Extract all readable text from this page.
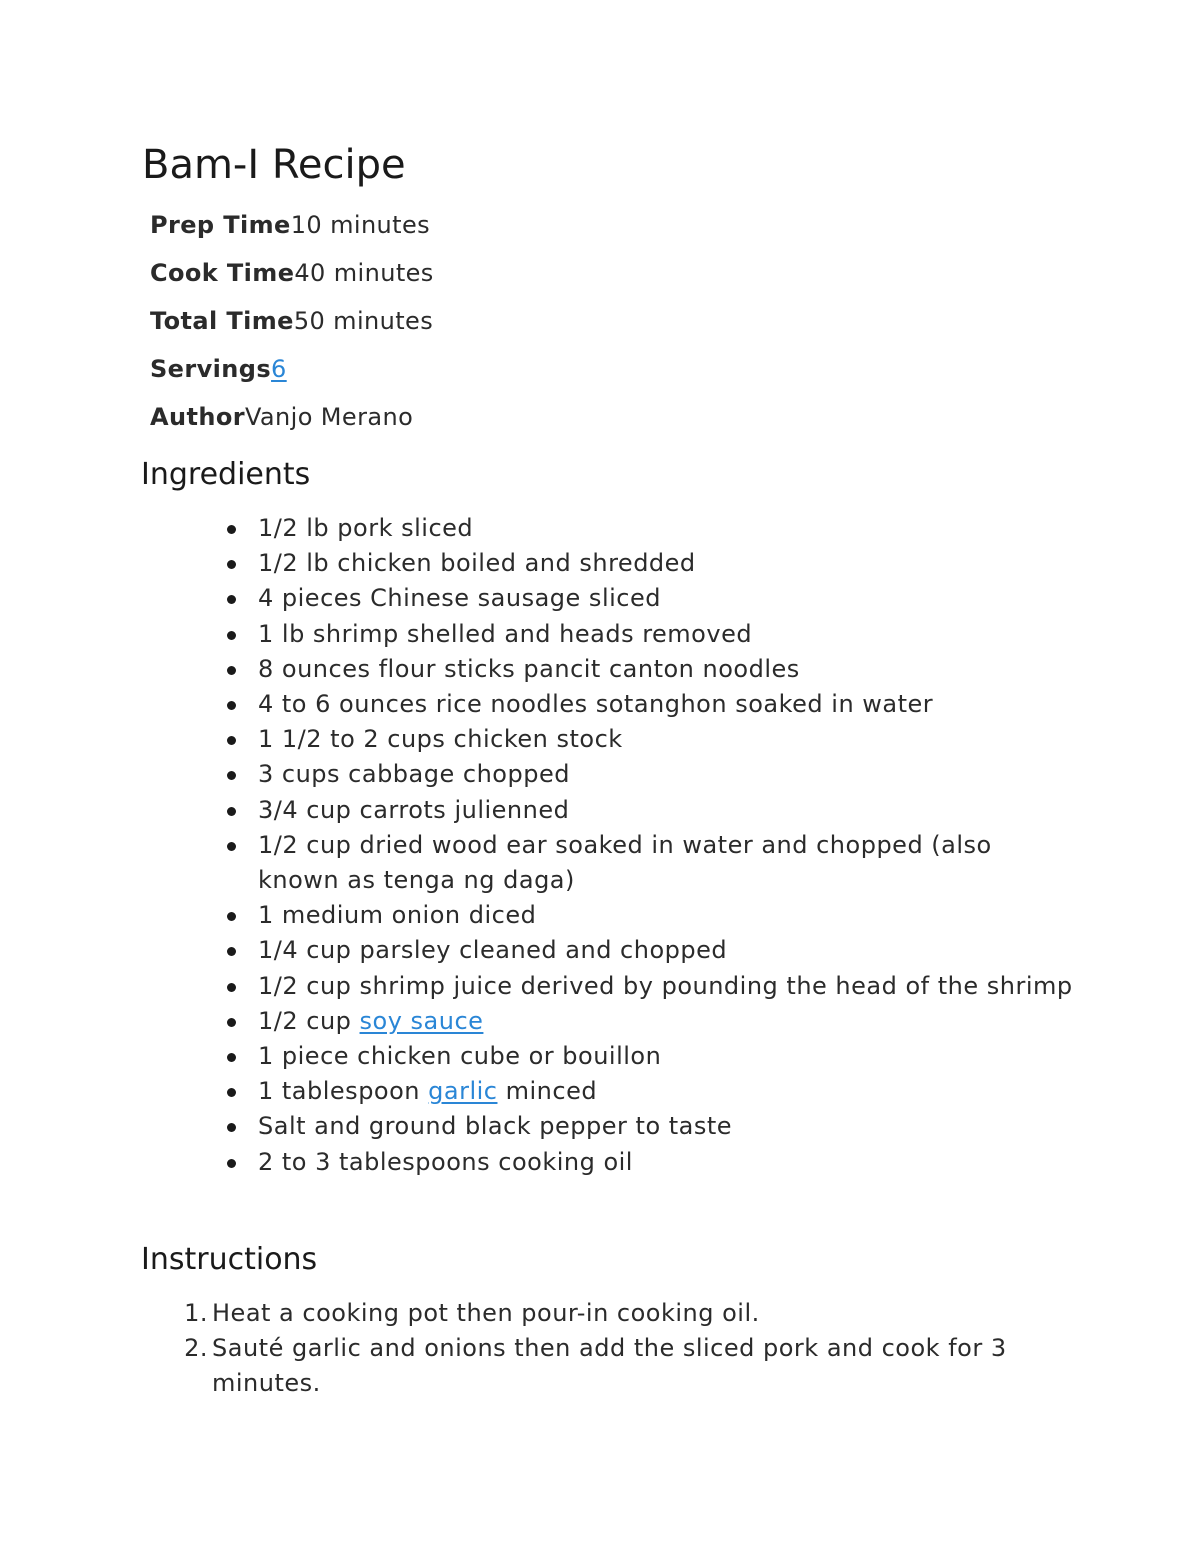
Bam-I Recipe
Prep Time10 minutes
Cook Time40 minutes
Total Time50 minutes
Servings6
AuthorVanjo Merano
Ingredients
1/2 lb pork sliced
1/2 lb chicken boiled and shredded
4 pieces Chinese sausage sliced
1 lb shrimp shelled and heads removed
8 ounces flour sticks pancit canton noodles
4 to 6 ounces rice noodles sotanghon soaked in water
1 1/2 to 2 cups chicken stock
3 cups cabbage chopped
3/4 cup carrots julienned
1/2 cup dried wood ear soaked in water and chopped (also known as tenga ng daga)
1 medium onion diced
1/4 cup parsley cleaned and chopped
1/2 cup shrimp juice derived by pounding the head of the shrimp
1/2 cup soy sauce
1 piece chicken cube or bouillon
1 tablespoon garlic minced
Salt and ground black pepper to taste
2 to 3 tablespoons cooking oil
Instructions
1. Heat a cooking pot then pour-in cooking oil.
2. Sauté garlic and onions then add the sliced pork and cook for 3 minutes.
